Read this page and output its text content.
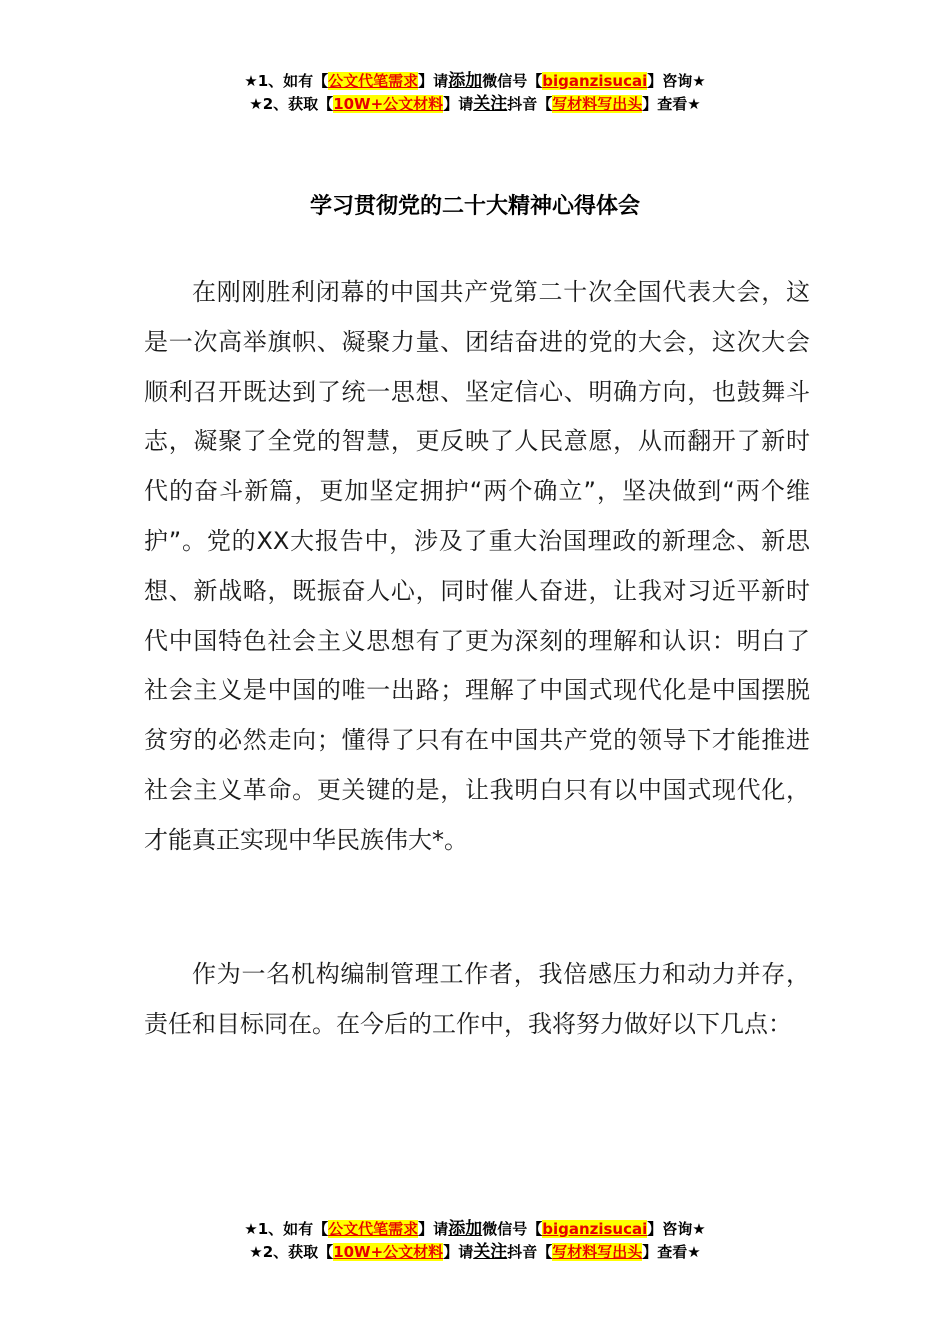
★1、如有【公文代笔需求】请添加微信号【biganzisucai】咨询★
★2、获取【10W+公文材料】请关注抖音【写材料写出头】查看★
学习贯彻党的二十大精神心得体会

在刚刚胜利闭幕的中国共产党第二十次全国代表大会，这是一次高举旗帜、凝聚力量、团结奋进的党的大会，这次大会顺利召开既达到了统一思想、坚定信心、明确方向，也鼓舞斗志，凝聚了全党的智慧，更反映了人民意愿，从而翻开了新时代的奋斗新篇，更加坚定拥护“两个确立”，坚决做到“两个维护”。党的XX大报告中，涉及了重大治国理政的新理念、新思想、新战略，既振奋人心，同时催人奋进，让我对习近平新时代中国特色社会主义思想有了更为深刻的理解和认识：明白了社会主义是中国的唯一出路；理解了中国式现代化是中国摆脱贫穷的必然走向；懂得了只有在中国共产党的领导下才能推进社会主义革命。更关键的是，让我明白只有以中国式现代化，才能真正实现中华民族伟大*。

作为一名机构编制管理工作者，我倍感压力和动力并存，责任和目标同在。在今后的工作中，我将努力做好以下几点：

★1、如有【公文代笔需求】请添加微信号【biganzisucai】咨询★
★2、获取【10W+公文材料】请关注抖音【写材料写出头】查看★
